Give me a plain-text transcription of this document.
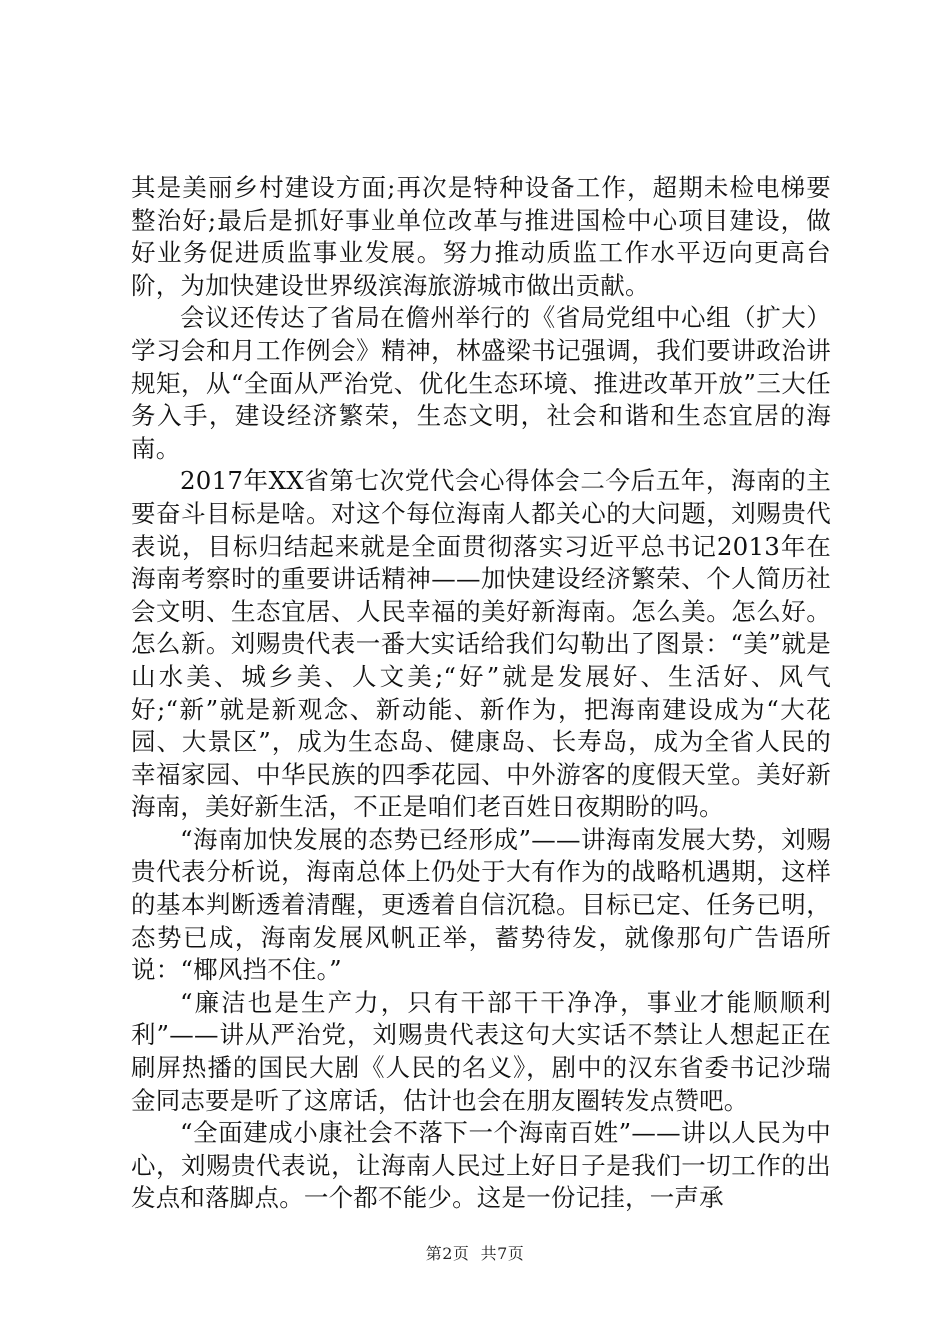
其是美丽乡村建设方面;再次是特种设备工作，超期未检电梯要整治好;最后是抓好事业单位改革与推进国检中心项目建设，做好业务促进质监事业发展。努力推动质监工作水平迈向更高台阶，为加快建设世界级滨海旅游城市做出贡献。

会议还传达了省局在儋州举行的《省局党组中心组（扩大）学习会和月工作例会》精神，林盛梁书记强调，我们要讲政治讲规矩，从“全面从严治党、优化生态环境、推进改革开放”三大任务入手，建设经济繁荣，生态文明，社会和谐和生态宜居的海南。

2017年XX省第七次党代会心得体会二今后五年，海南的主要奋斗目标是啥。对这个每位海南人都关心的大问题，刘赐贵代表说，目标归结起来就是全面贯彻落实习近平总书记2013年在海南考察时的重要讲话精神——加快建设经济繁荣、个人简历社会文明、生态宜居、人民幸福的美好新海南。怎么美。怎么好。怎么新。刘赐贵代表一番大实话给我们勾勒出了图景：“美”就是山水美、城乡美、人文美;“好”就是发展好、生活好、风气好;“新”就是新观念、新动能、新作为，把海南建设成为“大花园、大景区”，成为生态岛、健康岛、长寿岛，成为全省人民的幸福家园、中华民族的四季花园、中外游客的度假天堂。美好新海南，美好新生活，不正是咱们老百姓日夜期盼的吗。

“海南加快发展的态势已经形成”——讲海南发展大势，刘赐贵代表分析说，海南总体上仍处于大有作为的战略机遇期，这样的基本判断透着清醒，更透着自信沉稳。目标已定、任务已明，态势已成，海南发展风帆正举，蓄势待发，就像那句广告语所说：“椰风挡不住。”

“廉洁也是生产力，只有干部干干净净，事业才能顺顺利利”——讲从严治党，刘赐贵代表这句大实话不禁让人想起正在刷屏热播的国民大剧《人民的名义》，剧中的汉东省委书记沙瑞金同志要是听了这席话，估计也会在朋友圈转发点赞吧。

“全面建成小康社会不落下一个海南百姓”——讲以人民为中心，刘赐贵代表说，让海南人民过上好日子是我们一切工作的出发点和落脚点。一个都不能少。这是一份记挂，一声承

第2页  共7页
